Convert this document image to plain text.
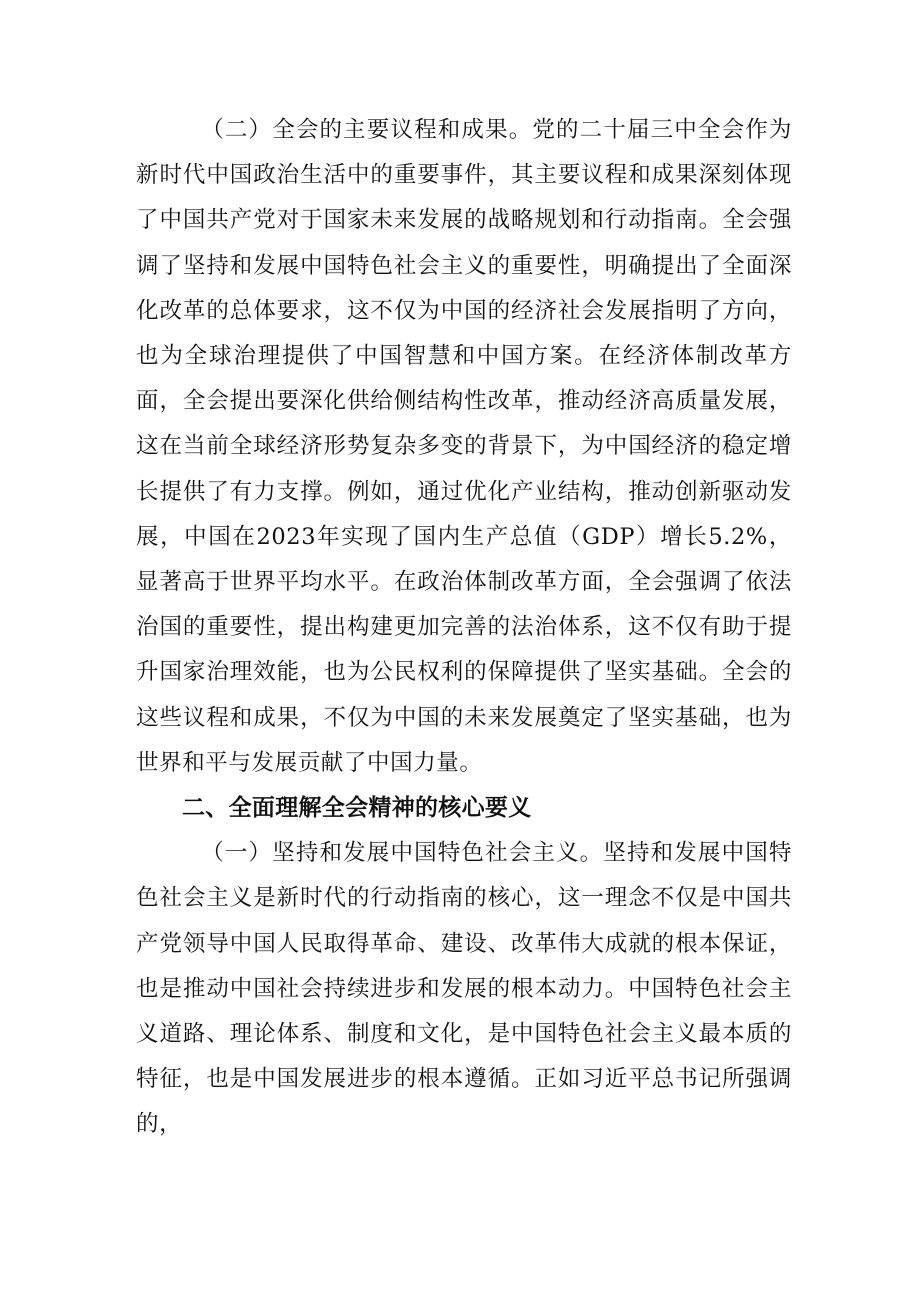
（二）全会的主要议程和成果。党的二十届三中全会作为新时代中国政治生活中的重要事件，其主要议程和成果深刻体现了中国共产党对于国家未来发展的战略规划和行动指南。全会强调了坚持和发展中国特色社会主义的重要性，明确提出了全面深化改革的总体要求，这不仅为中国的经济社会发展指明了方向，也为全球治理提供了中国智慧和中国方案。在经济体制改革方面，全会提出要深化供给侧结构性改革，推动经济高质量发展，这在当前全球经济形势复杂多变的背景下，为中国经济的稳定增长提供了有力支撑。例如，通过优化产业结构，推动创新驱动发展，中国在2023年实现了国内生产总值（GDP）增长5.2%，显著高于世界平均水平。在政治体制改革方面，全会强调了依法治国的重要性，提出构建更加完善的法治体系，这不仅有助于提升国家治理效能，也为公民权利的保障提供了坚实基础。全会的这些议程和成果，不仅为中国的未来发展奠定了坚实基础，也为世界和平与发展贡献了中国力量。

二、全面理解全会精神的核心要义

（一）坚持和发展中国特色社会主义。坚持和发展中国特色社会主义是新时代的行动指南的核心，这一理念不仅是中国共产党领导中国人民取得革命、建设、改革伟大成就的根本保证，也是推动中国社会持续进步和发展的根本动力。中国特色社会主义道路、理论体系、制度和文化，是中国特色社会主义最本质的特征，也是中国发展进步的根本遵循。正如习近平总书记所强调的，
